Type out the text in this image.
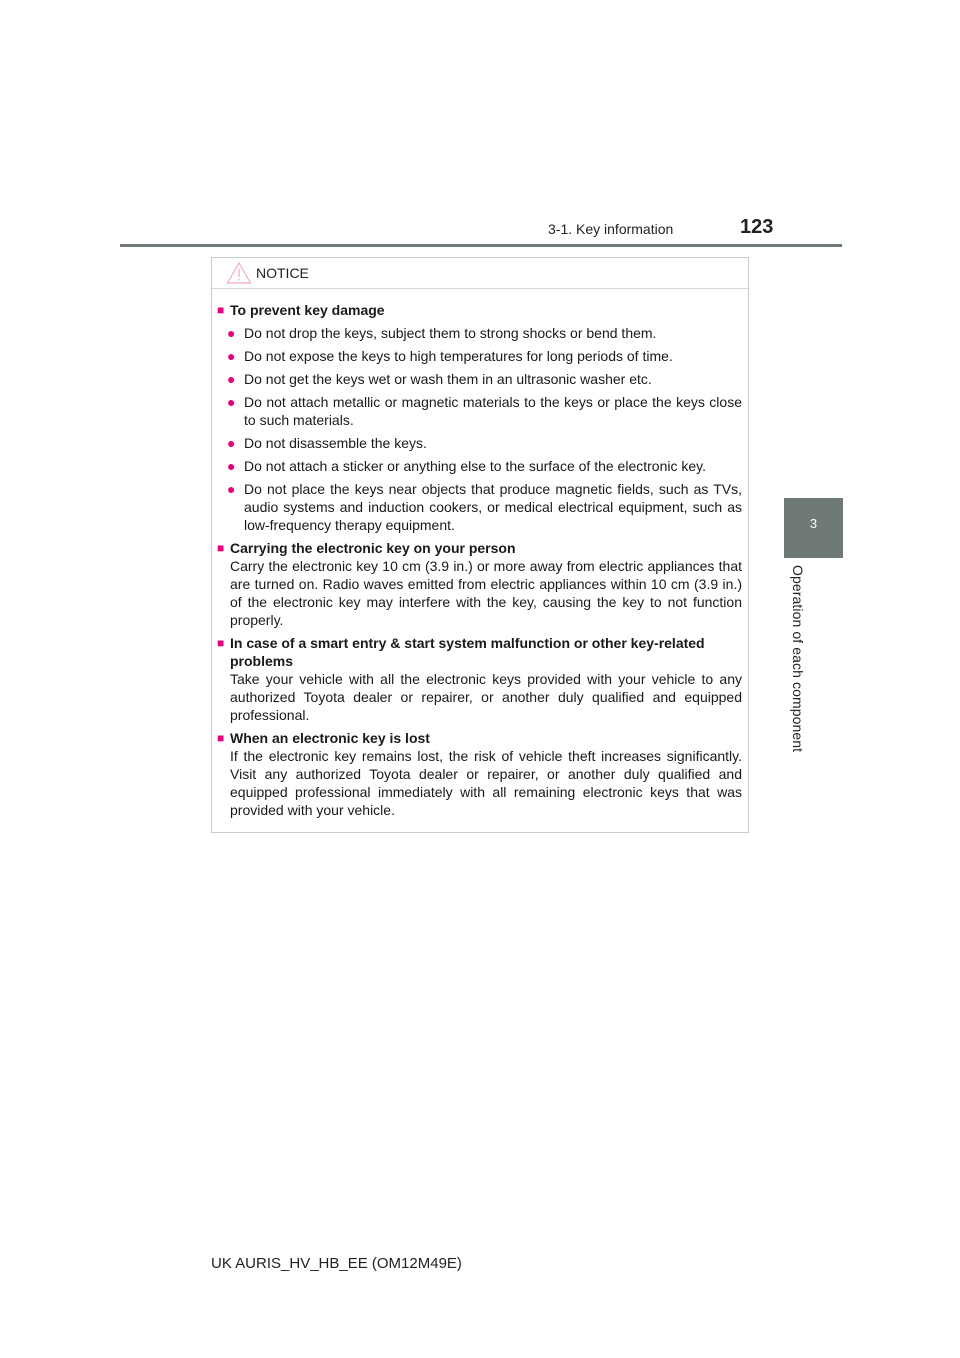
3-1. Key information	123
3
Operation of each component
NOTICE
■ To prevent key damage
● Do not drop the keys, subject them to strong shocks or bend them.
● Do not expose the keys to high temperatures for long periods of time.
● Do not get the keys wet or wash them in an ultrasonic washer etc.
● Do not attach metallic or magnetic materials to the keys or place the keys close to such materials.
● Do not disassemble the keys.
● Do not attach a sticker or anything else to the surface of the electronic key.
● Do not place the keys near objects that produce magnetic fields, such as TVs, audio systems and induction cookers, or medical electrical equipment, such as low-frequency therapy equipment.
■ Carrying the electronic key on your person
Carry the electronic key 10 cm (3.9 in.) or more away from electric appliances that are turned on. Radio waves emitted from electric appliances within 10 cm (3.9 in.) of the electronic key may interfere with the key, causing the key to not function properly.
■ In case of a smart entry & start system malfunction or other key-related problems
Take your vehicle with all the electronic keys provided with your vehicle to any authorized Toyota dealer or repairer, or another duly qualified and equipped professional.
■ When an electronic key is lost
If the electronic key remains lost, the risk of vehicle theft increases significantly. Visit any authorized Toyota dealer or repairer, or another duly qualified and equipped professional immediately with all remaining electronic keys that was provided with your vehicle.
UK AURIS_HV_HB_EE (OM12M49E)
